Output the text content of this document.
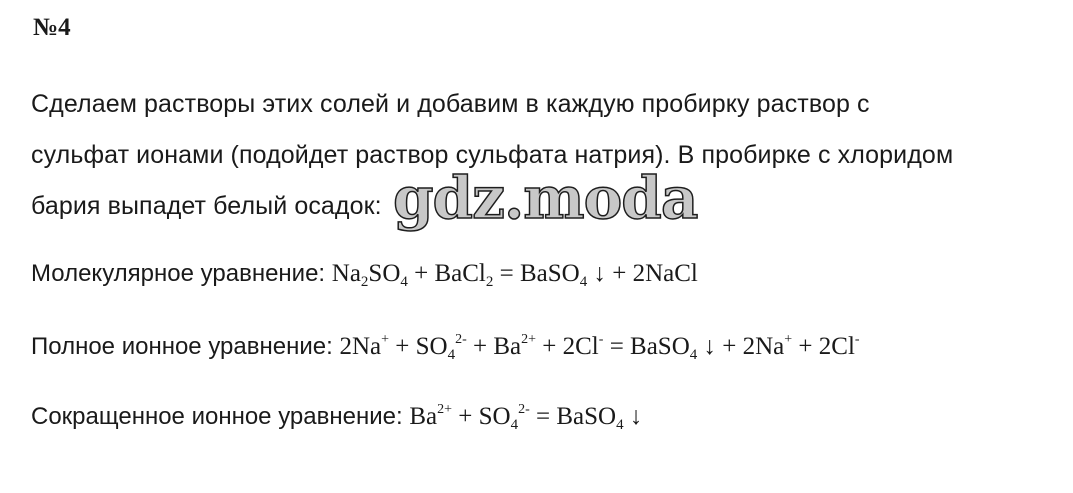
№4
Сделаем растворы этих солей и добавим в каждую пробирку раствор с
сульфат ионами (подойдет раствор сульфата натрия). В пробирке с хлоридом
бария выпадет белый осадок: gdz.moda
Молекулярное уравнение: $Na_2SO_4$ + BaCl$_2$ = BaSO$_4$ ↓ + 2NaCl
Полное ионное уравнение: $2Na^+ + SO_4^{2-} + Ba^{2+} + 2Cl^-$ = BaSO$_4$ ↓ + 2Na+ + 2Cl-
Сокращенное ионное уравнение: $Ba^{2+} + SO_4^{2-}$ = BaSO$_4$ ↓
